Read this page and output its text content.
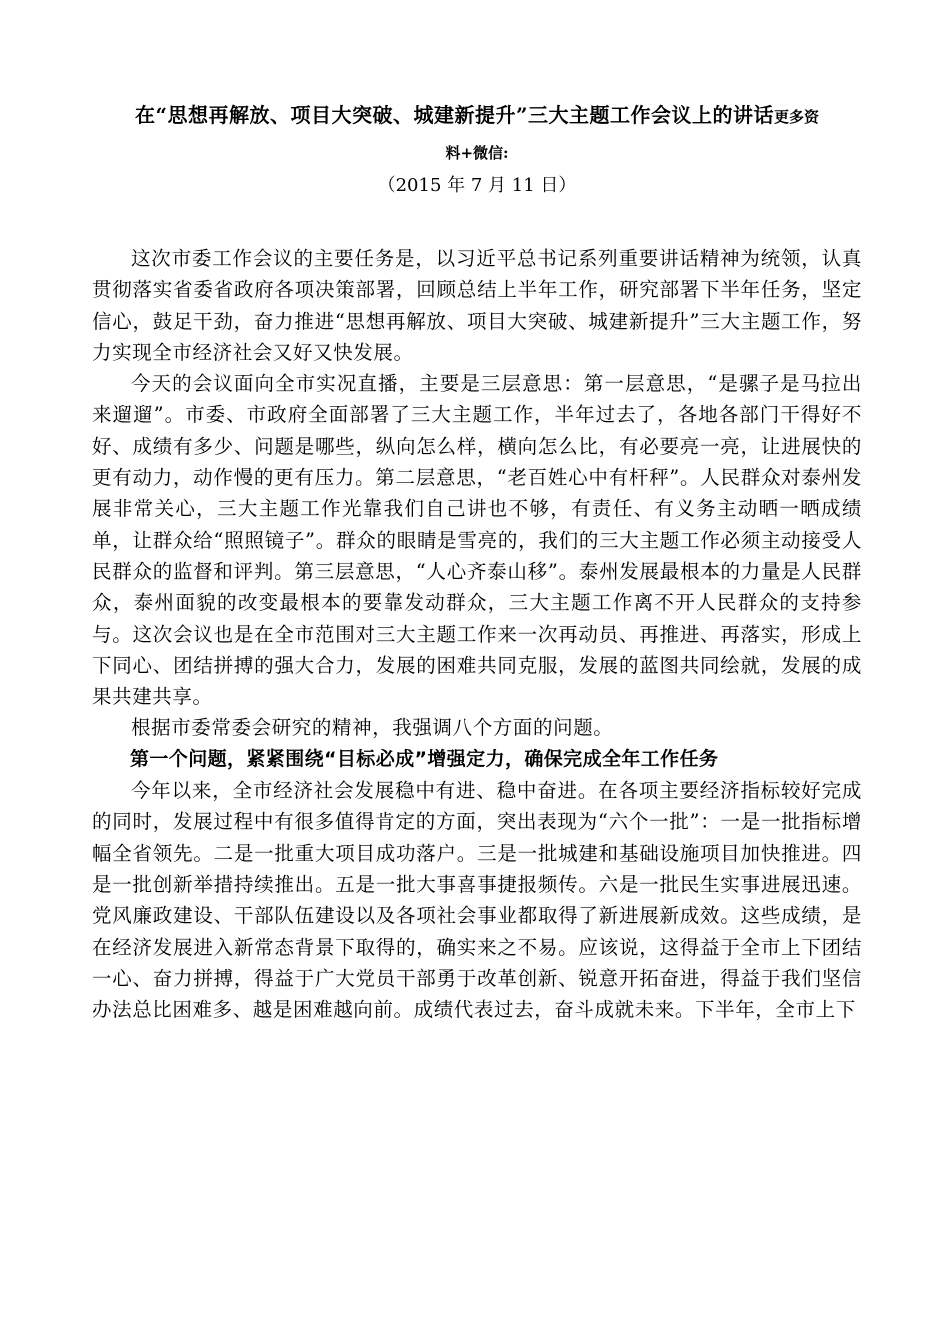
在“思想再解放、项目大突破、城建新提升”三大主题工作会议上的讲话更多资
料+微信:
（2015 年 7 月 11 日）

这次市委工作会议的主要任务是，以习近平总书记系列重要讲话精神为统领，认真贯彻落实省委省政府各项决策部署，回顾总结上半年工作，研究部署下半年任务，坚定信心，鼓足干劲，奋力推进“思想再解放、项目大突破、城建新提升”三大主题工作，努力实现全市经济社会又好又快发展。

今天的会议面向全市实况直播，主要是三层意思：第一层意思，“是骡子是马拉出来遛遛”。市委、市政府全面部署了三大主题工作，半年过去了，各地各部门干得好不好、成绩有多少、问题是哪些，纵向怎么样，横向怎么比，有必要亮一亮，让进展快的更有动力，动作慢的更有压力。第二层意思，“老百姓心中有杆秤”。人民群众对泰州发展非常关心，三大主题工作光靠我们自己讲也不够，有责任、有义务主动晒一晒成绩单，让群众给“照照镜子”。群众的眼睛是雪亮的，我们的三大主题工作必须主动接受人民群众的监督和评判。第三层意思，“人心齐泰山移”。泰州发展最根本的力量是人民群众，泰州面貌的改变最根本的要靠发动群众，三大主题工作离不开人民群众的支持参与。这次会议也是在全市范围对三大主题工作来一次再动员、再推进、再落实，形成上下同心、团结拼搏的强大合力，发展的困难共同克服，发展的蓝图共同绘就，发展的成果共建共享。

根据市委常委会研究的精神，我强调八个方面的问题。

第一个问题，紧紧围绕“目标必成”增强定力，确保完成全年工作任务

今年以来，全市经济社会发展稳中有进、稳中奋进。在各项主要经济指标较好完成的同时，发展过程中有很多值得肯定的方面，突出表现为“六个一批”：一是一批指标增幅全省领先。二是一批重大项目成功落户。三是一批城建和基础设施项目加快推进。四是一批创新举措持续推出。五是一批大事喜事捷报频传。六是一批民生实事进展迅速。党风廉政建设、干部队伍建设以及各项社会事业都取得了新进展新成效。这些成绩，是在经济发展进入新常态背景下取得的，确实来之不易。应该说，这得益于全市上下团结一心、奋力拼搏，得益于广大党员干部勇于改革创新、锐意开拓奋进，得益于我们坚信办法总比困难多、越是困难越向前。成绩代表过去，奋斗成就未来。下半年，全市上下
